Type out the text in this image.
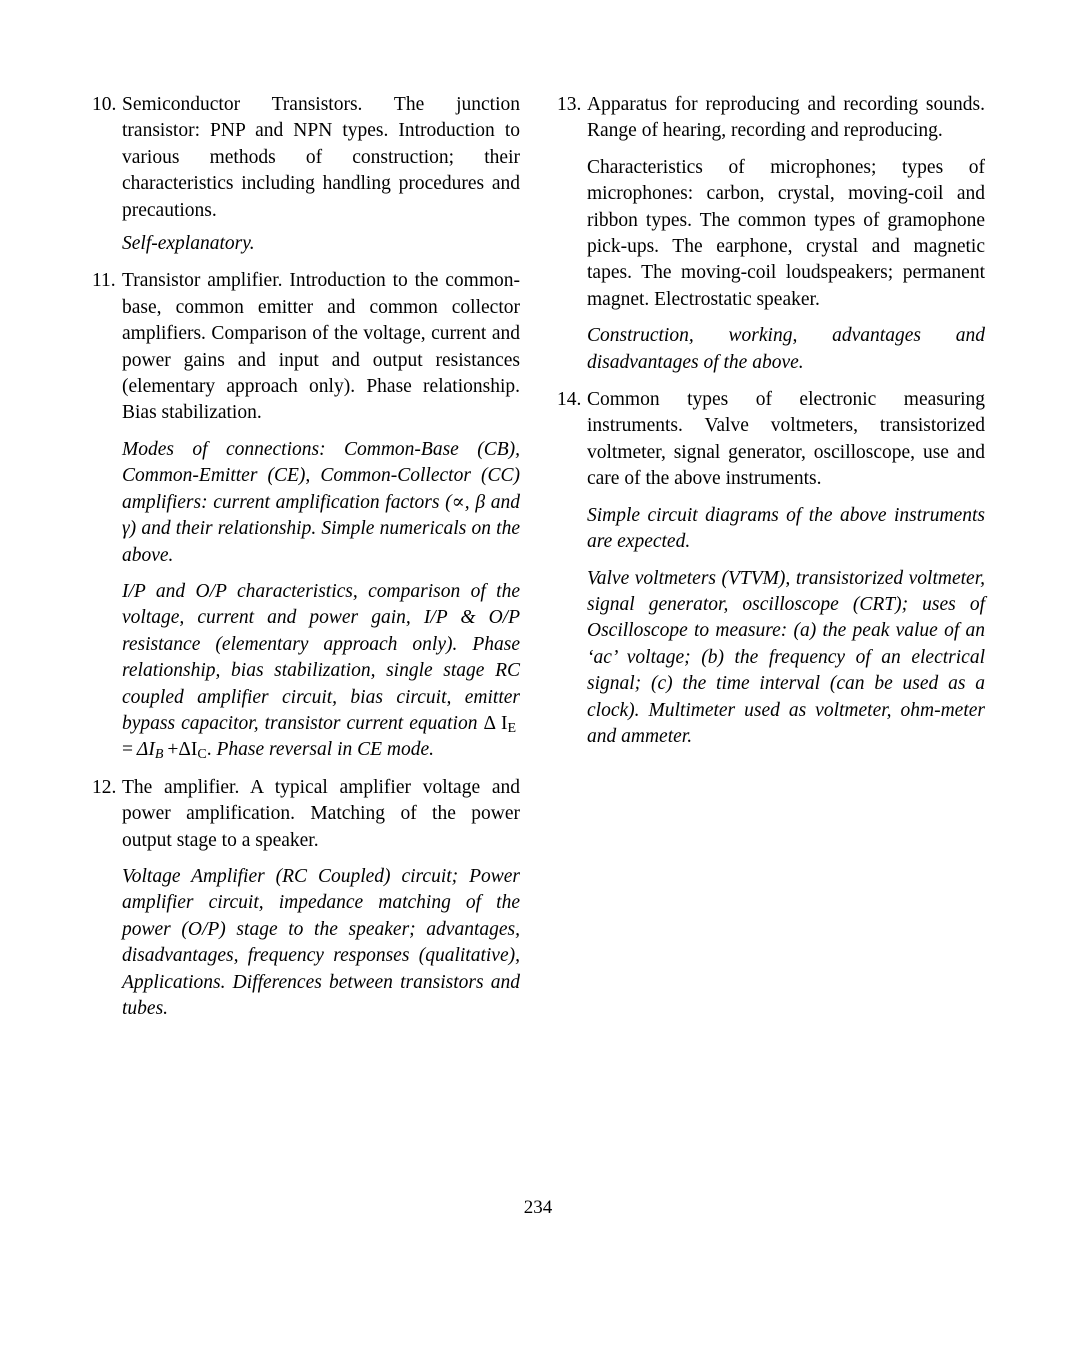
10. Semiconductor Transistors. The junction transistor: PNP and NPN types. Introduction to various methods of construction; their characteristics including handling procedures and precautions.

Self-explanatory.

11. Transistor amplifier. Introduction to the common-base, common emitter and common collector amplifiers. Comparison of the voltage, current and power gains and input and output resistances (elementary approach only). Phase relationship. Bias stabilization.

Modes of connections: Common-Base (CB), Common-Emitter (CE), Common-Collector (CC) amplifiers: current amplification factors (∝, β and γ) and their relationship. Simple numericals on the above.

I/P and O/P characteristics, comparison of the voltage, current and power gain, I/P & O/P resistance (elementary approach only). Phase relationship, bias stabilization, single stage RC coupled amplifier circuit, bias circuit, emitter bypass capacitor, transistor current equation Δ $I_E = \Delta I_B +\Delta I_C$. Phase reversal in CE mode.

12. The amplifier. A typical amplifier voltage and power amplification. Matching of the power output stage to a speaker.

Voltage Amplifier (RC Coupled) circuit; Power amplifier circuit, impedance matching of the power (O/P) stage to the speaker; advantages, disadvantages, frequency responses (qualitative), Applications. Differences between transistors and tubes.

13. Apparatus for reproducing and recording sounds. Range of hearing, recording and reproducing.

Characteristics of microphones; types of microphones: carbon, crystal, moving-coil and ribbon types. The common types of gramophone pick-ups. The earphone, crystal and magnetic tapes. The moving-coil loudspeakers; permanent magnet. Electrostatic speaker.

Construction, working, advantages and disadvantages of the above.

14. Common types of electronic measuring instruments. Valve voltmeters, transistorized voltmeter, signal generator, oscilloscope, use and care of the above instruments.

Simple circuit diagrams of the above instruments are expected.

Valve voltmeters (VTVM), transistorized voltmeter, signal generator, oscilloscope (CRT); uses of Oscilloscope to measure: (a) the peak value of an ‘ac’ voltage; (b) the frequency of an electrical signal; (c) the time interval (can be used as a clock). Multimeter used as voltmeter, ohm-meter and ammeter.

234
